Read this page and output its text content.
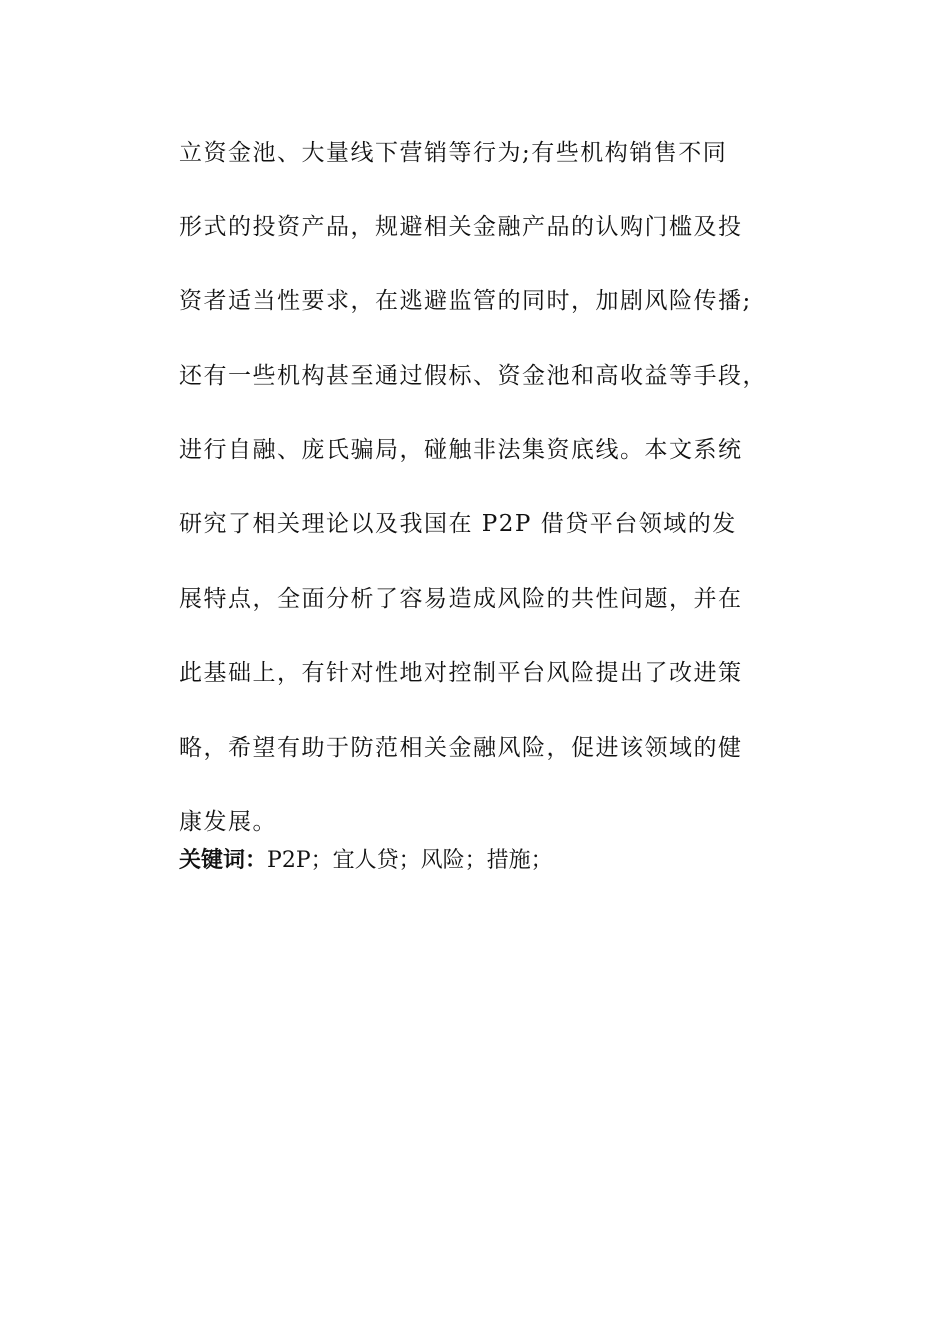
立资金池、大量线下营销等行为;有些机构销售不同
形式的投资产品，规避相关金融产品的认购门槛及投
资者适当性要求，在逃避监管的同时，加剧风险传播;
还有一些机构甚至通过假标、资金池和高收益等手段，
进行自融、庞氏骗局，碰触非法集资底线。本文系统
研究了相关理论以及我国在 P2P 借贷平台领域的发
展特点，全面分析了容易造成风险的共性问题，并在
此基础上，有针对性地对控制平台风险提出了改进策
略，希望有助于防范相关金融风险，促进该领域的健
康发展。
关键词：P2P；宜人贷；风险；措施；
